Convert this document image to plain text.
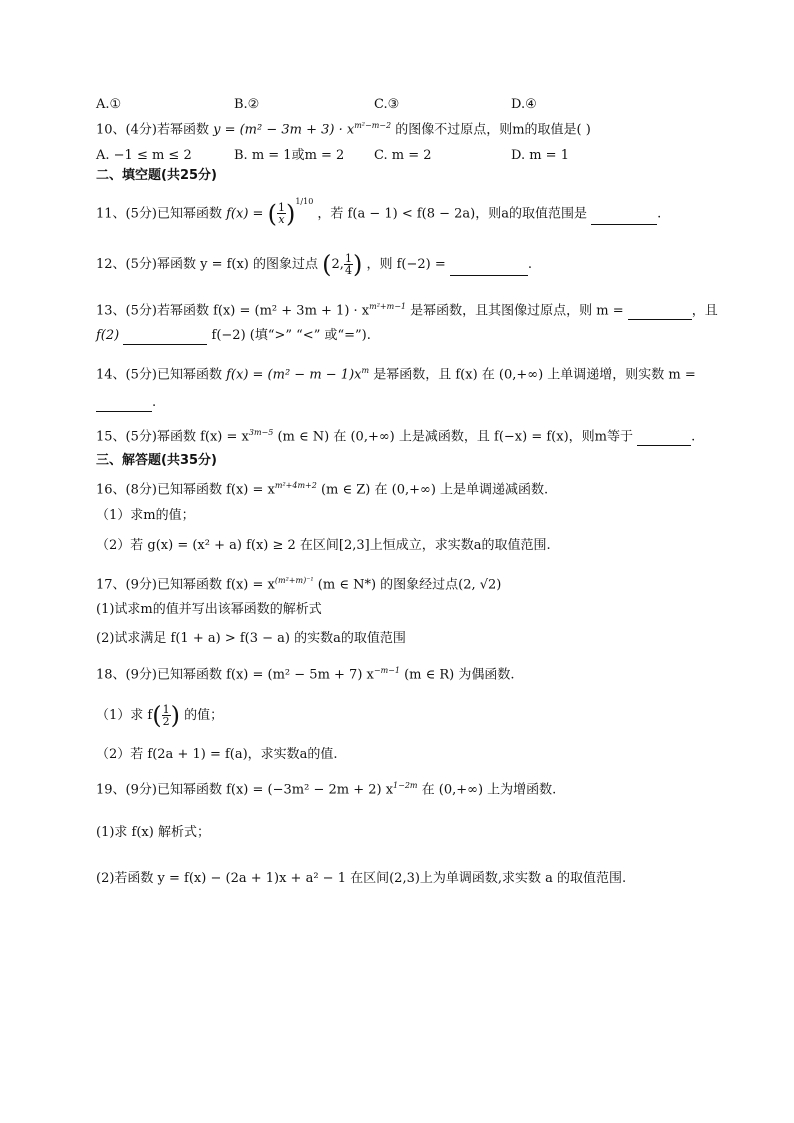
A.①	B.②	C.③	D.④
10、(4分)若幂函数 $y = (m^2 - 3m + 3) \cdot x^{m^2-m-2}$ 的图像不过原点，则m的取值是( )
A. −1 ≤ m ≤ 2	B. m = 1或m = 2 C. m = 2	D. m = 1
二、填空题(共25分)
11、(5分)已知幂函数 f(x) = ( $\frac{1}{x} )^{1/10}$ ，若 f(a − 1) < f(8 − 2a)，则a的取值范围是	.
12、(5分)幂函数 y = f(x) 的图象过点 (2, $\frac{1}{4}$ ) ，则 f(−2) =	.
13、(5分)若幂函数 $f(x) = (m^2 + 3m + 1) \cdot x^{m^2+m-1}$ 是幂函数，且其图像过原点，则 m =	，且
f(2)	f(−2) (填“>” “<” 或“=”).
14、(5分)已知幂函数 $f(x) = (m^2 - m - 1)x^m$ 是幂函数，且 f(x) 在 (0,+∞) 上单调递增，则实数 m =
.
15、(5分)幂函数 $f(x) = x^{3m-5}$ (m ∈ N) 在 (0,+∞) 上是减函数，且 f(−x) = f(x)，则m等于	.
三、解答题(共35分)
16、(8分)已知幂函数 $f(x) = x^{m^2+4m+2}$ (m ∈ Z) 在 (0,+∞) 上是单调递减函数.
（1）求m的值；
（2）若 g(x) = (x² + a) f(x) ≥ 2 在区间[2,3]上恒成立，求实数a的取值范围.
17、(9分)已知幂函数 $f(x) = x^{(m^2+m)^{-1}}$ (m ∈ N*) 的图象经过点(2, √2)
(1)试求m的值并写出该幂函数的解析式
(2)试求满足 f(1 + a) > f(3 − a) 的实数a的取值范围
18、(9分)已知幂函数 f(x) = (m² − 5m + 7) $x^{-m-1}$ (m ∈ R) 为偶函数.
（1）求 $f( \frac{1}{2}$ ) 的值；
（2）若 f(2a + 1) = f(a)，求实数a的值.
19、(9分)已知幂函数 f(x) = (−3m² − 2m + 2) $x^{1-2m}$ 在 (0,+∞) 上为增函数.
(1)求 f(x) 解析式；
(2)若函数 y = f(x) − (2a + 1)x + a² − 1 在区间(2,3)上为单调函数,求实数 a 的取值范围.
